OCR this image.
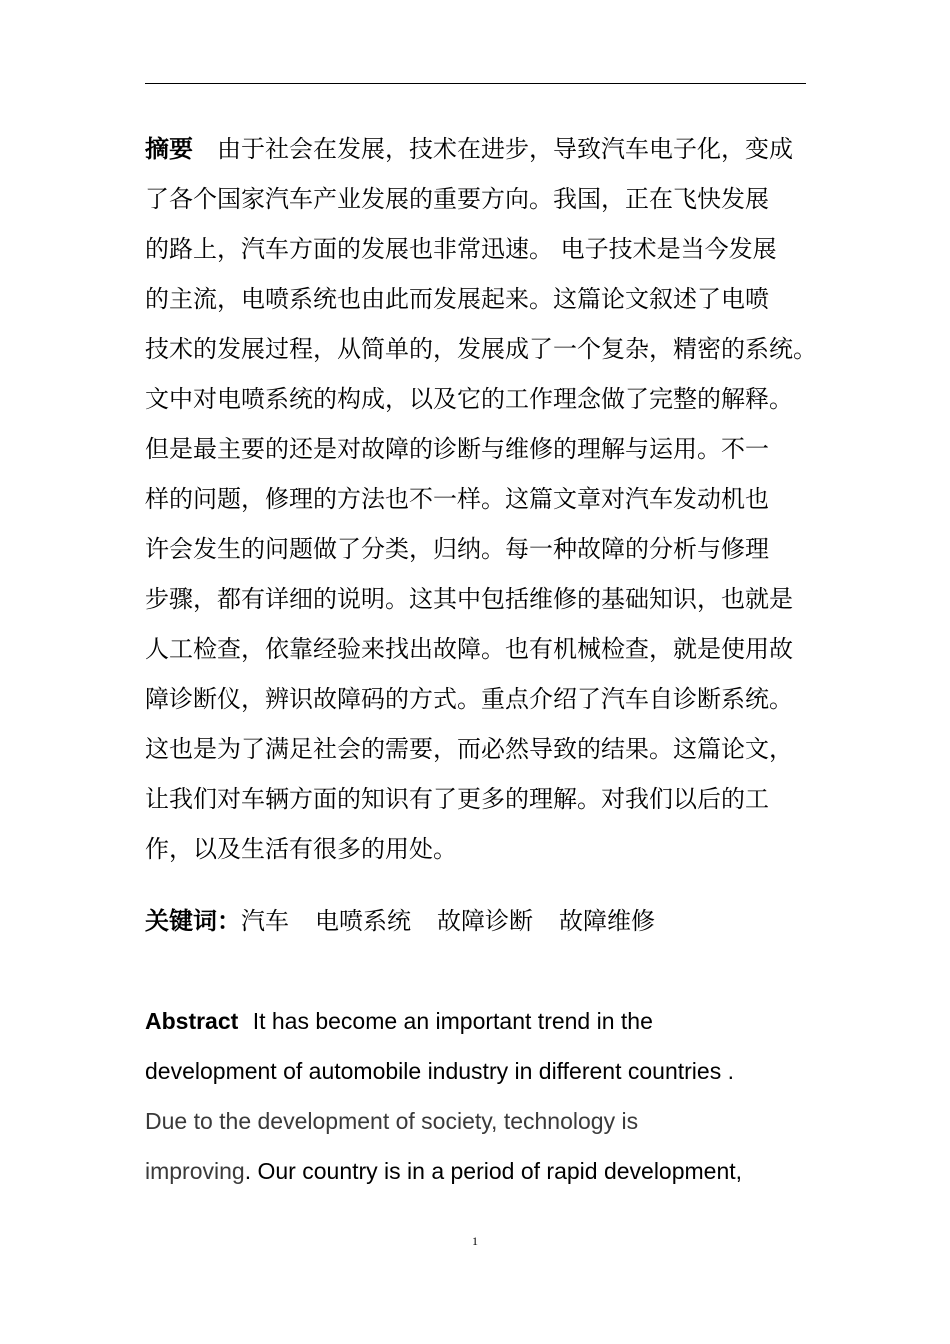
摘要 由于社会在发展，技术在进步，导致汽车电子化，变成
了各个国家汽车产业发展的重要方向。我国，正在飞快发展
的路上，汽车方面的发展也非常迅速。 电子技术是当今发展
的主流，电喷系统也由此而发展起来。这篇论文叙述了电喷
技术的发展过程，从简单的，发展成了一个复杂，精密的系统。
文中对电喷系统的构成，以及它的工作理念做了完整的解释。
但是最主要的还是对故障的诊断与维修的理解与运用。不一
样的问题，修理的方法也不一样。这篇文章对汽车发动机也
许会发生的问题做了分类，归纳。每一种故障的分析与修理
步骤，都有详细的说明。这其中包括维修的基础知识，也就是
人工检查，依靠经验来找出故障。也有机械检查，就是使用故
障诊断仪，辨识故障码的方式。重点介绍了汽车自诊断系统。
这也是为了满足社会的需要，而必然导致的结果。这篇论文，
让我们对车辆方面的知识有了更多的理解。对我们以后的工
作，以及生活有很多的用处。
关键词：汽车 电喷系统 故障诊断 故障维修
Abstract It has become an important trend in the
development of automobile industry in different countries .
Due to the development of society, technology is
improving. Our country is in a period of rapid development,
1
